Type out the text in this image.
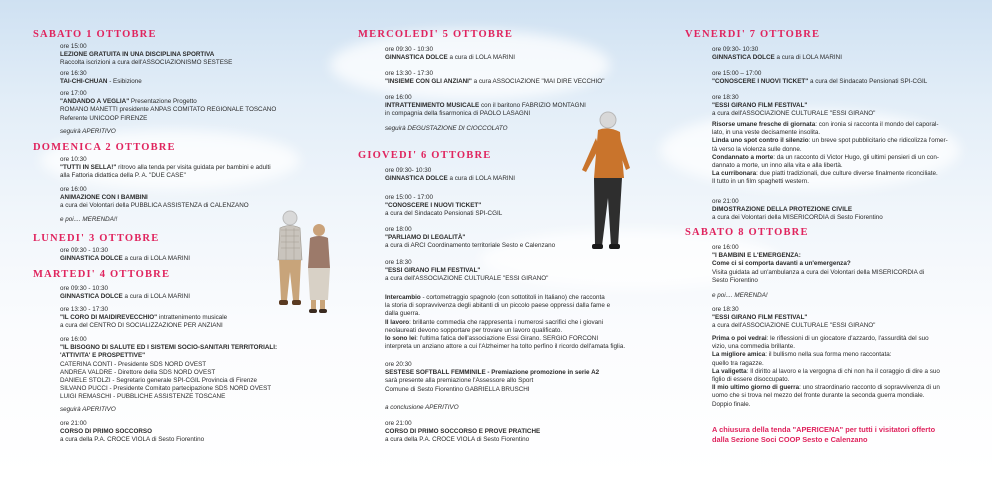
SABATO 1 OTTOBRE
ore 15:00
LEZIONE GRATUITA IN UNA DISCIPLINA SPORTIVA
Raccolta iscrizioni a cura dell'ASSOCIAZIONISMO SESTESE
ore 16:30
TAI-CHI-CHUAN - Esibizione
ore 17:00
"ANDANDO A VEGLIA" Presentazione Progetto
ROMANO MANETTI presidente ANPAS COMITATO REGIONALE TOSCANO
Referente UNICOOP FIRENZE
seguirà APERITIVO
DOMENICA 2 OTTOBRE
ore 10:30
"TUTTI IN SELLA!" ritrovo alla tenda per visita guidata per bambini e adulti
alla Fattoria didattica della P. A. "DUE CASE"
ore 16:00
ANIMAZIONE CON I BAMBINI
a cura dei Volontari della PUBBLICA ASSISTENZA di CALENZANO
e poi.... MERENDA!!
LUNEDI' 3 OTTOBRE
ore 09:30 - 10:30
GINNASTICA DOLCE a cura di LOLA MARINI
MARTEDI' 4 OTTOBRE
ore 09:30 - 10:30
GINNASTICA DOLCE a cura di LOLA MARINI
ore 13:30 - 17:30
"IL CORO DI MAIDIREVECCHIO" intrattenimento musicale
a cura del CENTRO DI SOCIALIZZAZIONE PER ANZIANI
ore 16:00
"IL BISOGNO DI SALUTE ED I SISTEMI SOCIO-SANITARI TERRITORIALI:
'ATTIVITA' E PROSPETTIVE"
CATERINA CONTI - Presidente SDS NORD OVEST
ANDREA VALDRE - Direttore della SDS NORD OVEST
DANIELE STOLZI - Segretario generale SPI-CGIL Provincia di Firenze
SILVANO PUCCI - Presidente Comitato partecipazione SDS NORD OVEST
LUIGI REMASCHI - PUBBLICHE ASSISTENZE TOSCANE
seguirà APERITIVO
ore 21:00
CORSO DI PRIMO SOCCORSO
a cura della P.A. CROCE VIOLA di Sesto Fiorentino
MERCOLEDI' 5 OTTOBRE
ore 09:30 - 10:30
GINNASTICA DOLCE a cura di LOLA MARINI
ore 13:30 - 17:30
"INSIEME CON GLI ANZIANI" a cura ASSOCIAZIONE "MAI DIRE VECCHIO"
ore 16:00
INTRATTENIMENTO MUSICALE con il baritono FABRIZIO MONTAGNI
in compagnia della fisarmonica di PAOLO LASAGNI
seguirà DEGUSTAZIONE DI CIOCCOLATO
GIOVEDI' 6 OTTOBRE
ore 09:30- 10:30
GINNASTICA DOLCE a cura di LOLA MARINI
ore 15:00 - 17:00
"CONOSCERE I NUOVI TICKET"
a cura del Sindacato Pensionati SPI-CGIL
ore 18:00
"PARLIAMO DI LEGALITÀ"
a cura di ARCI Coordinamento territoriale Sesto e Calenzano
ore 18:30
"ESSI GIRANO FILM FESTIVAL"
a cura dell'ASSOCIAZIONE CULTURALE "ESSI GIRANO"
Intercambio - cortometraggio spagnolo (con sottotitoli in Italiano) che racconta
la storia di sopravvivenza degli abitanti di un piccolo paese oppressi dalla fame e
dalla guerra.
Il lavoro: brillante commedia che rappresenta i numerosi sacrifici che i giovani
neolaureati devono sopportare per trovare un lavoro qualificato.
Io sono lei: l'ultima fatica dell'associazione Essi Girano. SERGIO FORCONI
interpreta un anziano attore a cui l'Alzheimer ha tolto perfino il ricordo dell'amata figlia.
ore 20:30
SESTESE SOFTBALL FEMMINILE - Premiazione promozione in serie A2
sarà presente alla premiazione l'Assessore allo Sport
Comune di Sesto Fiorentino GABRIELLA BRUSCHI
a conclusione APERITIVO
ore 21:00
CORSO DI PRIMO SOCCORSO E PROVE PRATICHE
a cura della P.A. CROCE VIOLA di Sesto Fiorentino
VENERDI' 7 OTTOBRE
ore 09:30- 10:30
GINNASTICA DOLCE a cura di LOLA MARINI
ore 15:00 – 17:00
"CONOSCERE I NUOVI TICKET" a cura del Sindacato Pensionati SPI-CGIL
ore 18:30
"ESSI GIRANO FILM FESTIVAL"
a cura dell'ASSOCIAZIONE CULTURALE "ESSI GIRANO"
Risorse umane fresche di giornata: con ironia si racconta il mondo del caporal-
lato, in una veste decisamente insolita.
Linda uno spot contro il silenzio: un breve spot pubblicitario che ridicolizza l'omer-
tà verso la violenza sulle donne.
Condannato a morte: da un racconto di Victor Hugo, gli ultimi pensieri di un con-
dannato a morte, un inno alla vita e alla libertà.
La curribonara: due piatti tradizionali, due culture diverse finalmente riconciliate.
Il tutto in un film spaghetti western.
ore 21:00
DIMOSTRAZIONE DELLA PROTEZIONE CIVILE
a cura dei Volontari della MISERICORDIA di Sesto Fiorentino
SABATO 8 OTTOBRE
ore 16:00
"I BAMBINI E L'EMERGENZA:
Come ci si comporta davanti a un'emergenza?
Visita guidata ad un'ambulanza a cura dei Volontari della MISERICORDIA di
Sesto Fiorentino
e poi.... MERENDA!
ore 18:30
"ESSI GIRANO FILM FESTIVAL"
a cura dell'ASSOCIAZIONE CULTURALE "ESSI GIRANO"
Prima o poi vedrai: le riflessioni di un giocatore d'azzardo, l'assurdità del suo
vizio, una commedia brillante.
La migliore amica: il bullismo nella sua forma meno raccontata:
quello tra ragazze.
La valigetta: Il diritto al lavoro e la vergogna di chi non ha il coraggio di dire a suo
figlio di essere disoccupato.
Il mio ultimo giorno di guerra: uno straordinario racconto di sopravvivenza di un
uomo che si trova nel mezzo del fronte durante la seconda guerra mondiale.
Doppio finale.
A chiusura della tenda "APERICENA" per tutti i visitatori offerto
dalla Sezione Soci COOP Sesto e Calenzano
